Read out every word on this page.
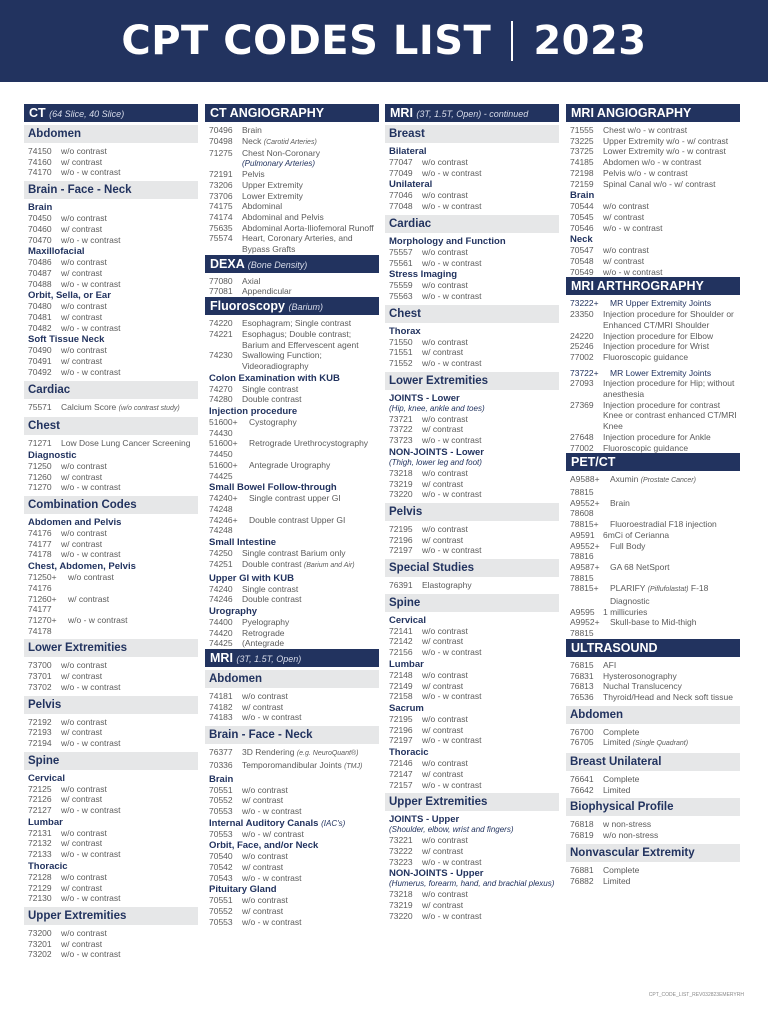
CPT CODES LIST 2023
CT (64 Slice, 40 Slice)
Abdomen
74150	w/o contrast
74160	w/ contrast
74170	w/o - w contrast
Brain - Face - Neck
Brain
70450	w/o contrast
70460	w/ contrast
70470	w/o - w contrast
Maxillofacial
70486	w/o contrast
70487	w/ contrast
70488	w/o - w contrast
Orbit, Sella, or Ear
70480	w/o contrast
70481	w/ contrast
70482	w/o - w contrast
Soft Tissue Neck
70490	w/o contrast
70491	w/ contrast
70492	w/o - w contrast
Cardiac
75571	Calcium Score (w/o contrast study)
Chest
71271	Low Dose Lung Cancer Screening
Diagnostic
71250	w/o contrast
71260	w/ contrast
71270	w/o - w contrast
Combination Codes
Abdomen and Pelvis
74176	w/o contrast
74177	w/ contrast
74178	w/o - w contrast
Chest, Abdomen, Pelvis
71250+	w/o contrast
74176
71260+	w/ contrast
74177
71270+	w/o - w contrast
74178
Lower Extremities
73700	w/o contrast
73701	w/ contrast
73702	w/o - w contrast
Pelvis
72192	w/o contrast
72193	w/ contrast
72194	w/o - w contrast
Spine
Cervical
72125	w/o contrast
72126	w/ contrast
72127	w/o - w contrast
Lumbar
72131	w/o contrast
72132	w/ contrast
72133	w/o - w contrast
Thoracic
72128	w/o contrast
72129	w/ contrast
72130	w/o - w contrast
Upper Extremities
73200	w/o contrast
73201	w/ contrast
73202	w/o - w contrast
CT ANGIOGRAPHY
70496	Brain
70498	Neck (Carotid Arteries)
71275	Chest Non-Coronary
(Pulmonary Arteries)
72191	Pelvis
73206	Upper Extremity
73706	Lower Extremity
74175	Abdominal
74174	Abdominal and Pelvis
75635	Abdominal Aorta-Iliofemoral Runoff
75574	Heart, Coronary Arteries, and Bypass Grafts
DEXA (Bone Density)
77080	Axial
77081	Appendicular
Fluoroscopy (Barium)
74220	Esophagram; Single contrast
74221	Esophagus; Double contrast; Barium and Effervescent agent
74230	Swallowing Function; Videoradiography
Colon Examination with KUB
74270	Single contrast
74280	Double contrast
Injection procedure
51600+	Cystography
74430
51600+	Retrograde Urethrocystography
74450
51600+	Antegrade Urography
74425
Small Bowel Follow-through
74240+	Single contrast upper GI
74248
74246+	Double contrast Upper GI
74248
Small Intestine
74250	Single contrast Barium only
74251	Double contrast (Barium and Air)
Upper GI with KUB
74240	Single contrast
74246	Double contrast
Urography
74400	Pyelography
74420	Retrograde
74425	(Antegrade
MRI (3T, 1.5T, Open)
Abdomen
74181	w/o contrast
74182	w/ contrast
74183	w/o - w contrast
Brain - Face - Neck
76377	3D Rendering (e.g. NeuroQuant®)
70336	Temporomandibular Joints (TMJ)
Brain
70551	w/o contrast
70552	w/ contrast
70553	w/o - w contrast
Internal Auditory Canals (IAC's)
70553	w/o - w/ contrast
Orbit, Face, and/or Neck
70540	w/o contrast
70542	w/ contrast
70543	w/o - w contrast
Pituitary Gland
70551	w/o contrast
70552	w/ contrast
70553	w/o - w contrast
MRI (3T, 1.5T, Open) - continued
Breast
Bilateral
77047	w/o contrast
77049	w/o - w contrast
Unilateral
77046	w/o contrast
77048	w/o - w contrast
Cardiac
Morphology and Function
75557	w/o contrast
75561	w/o - w contrast
Stress Imaging
75559	w/o contrast
75563	w/o - w contrast
Chest
Thorax
71550	w/o contrast
71551	w/ contrast
71552	w/o - w contrast
Lower Extremities
JOINTS - Lower
(Hip, knee, ankle and toes)
73721	w/o contrast
73722	w/ contrast
73723	w/o - w contrast
NON-JOINTS - Lower
(Thigh, lower leg and foot)
73218	w/o contrast
73219	w/ contrast
73220	w/o - w contrast
Pelvis
72195	w/o contrast
72196	w/ contrast
72197	w/o - w contrast
Special Studies
76391	Elastography
Spine
Cervical
72141	w/o contrast
72142	w/ contrast
72156	w/o - w contrast
Lumbar
72148	w/o contrast
72149	w/ contrast
72158	w/o - w contrast
Sacrum
72195	w/o contrast
72196	w/ contrast
72197	w/o - w contrast
Thoracic
72146	w/o contrast
72147	w/ contrast
72157	w/o - w contrast
Upper Extremities
JOINTS - Upper
(Shoulder, elbow, wrist and fingers)
73221	w/o contrast
73222	w/ contrast
73223	w/o - w contrast
NON-JOINTS - Upper
(Humerus, forearm, hand, and brachial plexus)
73218	w/o contrast
73219	w/ contrast
73220	w/o - w contrast
MRI ANGIOGRAPHY
71555	Chest w/o - w contrast
73225	Upper Extremity w/o - w/ contrast
73725	Lower Extremity w/o - w contrast
74185	Abdomen w/o - w contrast
72198	Pelvis w/o - w contrast
72159	Spinal Canal w/o - w/ contrast
Brain
70544	w/o contrast
70545	w/ contrast
70546	w/o - w contrast
Neck
70547	w/o contrast
70548	w/ contrast
70549	w/o - w contrast
MRI ARTHROGRAPHY
73222+	MR Upper Extremity Joints
23350	Injection procedure for Shoulder or Enhanced CT/MRI Shoulder
24220	Injection procedure for Elbow
25246	Injection procedure for Wrist
77002	Fluoroscopic guidance
73722+	MR Lower Extremity Joints
27093	Injection procedure for Hip; without anesthesia
27369	Injection procedure for contrast Knee or contrast enhanced CT/MRI Knee
27648	Injection procedure for Ankle
77002	Fluoroscopic guidance
PET/CT
A9588+	Axumin (Prostate Cancer)
78815
A9552+	Brain
78608
78815+	Fluoroestradial F18 injection
A9591 6mCi of Cerianna
A9552+	Full Body
78816
A9587+	GA 68 NetSport
78815
78815+	PLARIFY (Piflufolastat) F-18 Diagnostic
A9595 1 millicuries
A9952+	Skull-base to Mid-thigh
78815
ULTRASOUND
76815	AFI
76831	Hysterosonography
76813	Nuchal Translucency
76536	Thyroid/Head and Neck soft tissue
Abdomen
76700	Complete
76705	Limited (Single Quadrant)
Breast Unilateral
76641	Complete
76642	Limited
Biophysical Profile
76818	w non-stress
76819	w/o non-stress
Nonvascular Extremity
76881	Complete
76882	Limited
CPT_CODE_LIST_REV032823EMERYRH
